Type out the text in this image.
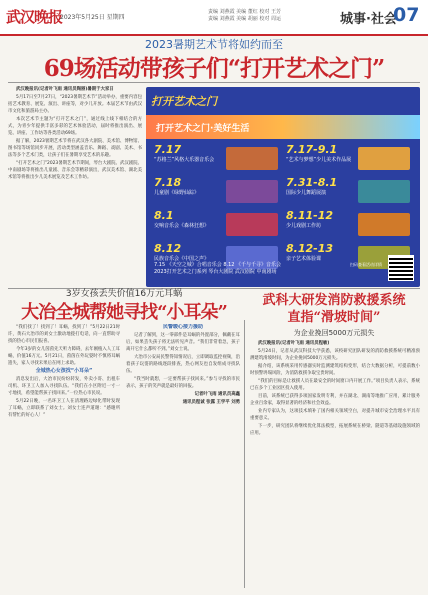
武汉晚报
2023年5月25日 星期四
责编 刘燕霞 美编 董红 校对 王芳
责编 刘燕霞 美编 胡丽 校对 周运	城事·社会
07
2023暑期艺术节将如约而至
69场活动带孩子们“打开艺术之门”

武汉晚报讯(记者叶飞雨 通讯员陶丽)暑期于大家日

5月17日至7月27日，“2023暑期艺术节”活动举办，重要内容包括艺术教育、展览、演出、讲座等，对少儿开放。本届艺术节由武汉市文化和旅游局主办。

本次艺术节主题为“打开艺术之门”，通过线上线下相结合的方式，为青少年提供丰富多彩的艺术体验活动，届时将推出演出、展览、讲座、工作坊等各类活动69场。

据了解，2023暑期艺术节将在武汉各大剧院、美术馆、博物馆、图书馆等场馆同步开展，活动类型涵盖音乐、舞蹈、戏剧、美术、书法等多个艺术门类，让孩子们在暑期享受艺术的乐趣。

“打开艺术之门”2023暑期艺术节期间，琴台大剧院、武汉剧院、中南剧场等将推出儿童剧、音乐会等精彩演出，武汉美术馆、湖北美术馆等将推出少儿美术展览及艺术工作坊。

打开艺术之门
打开艺术之门·美好生活
7.17
“苏格兰”风格大乐器音乐会
7.17-9.1
“艺术与梦想”少儿美术作品展
7.18
儿童剧《绿野仙踪》
7.31-8.1
国际少儿舞蹈展演
8.1
交响音乐会《森林狂想》
8.11-12
少儿戏剧工作坊
8.12
民族音乐会《中国之声》
8.12-13
亲子艺术体验课
7.15 《天空之城》合唱音乐会 8.12 《千与千寻》音乐会
2023打开艺术之门系列 琴台大剧院 武汉剧院 中南剧场
扫码查看活动详情
3岁女孩丢失价值16万元耳蜗
大冶全城帮她寻找“小耳朵”

“我们找了！找到了！耳蜗，找到了！”5月22日21时许，黄石大冶市的刘女士激动地拨打电话，向一直帮助寻找的热心市民们报喜。

今年3岁的女儿茵茵先天听力障碍，去年刚植入人工耳蜗，价值16万元。5月21日，茵茵在外玩耍时不慎将耳蜗遗失，家人寻找未果后在网上求助。

全城热心女孩找“小耳朵”

消息发出后，大冶市民纷纷转发，外卖小哥、出租车司机、环卫工人加入寻找队伍。“我们在小区附近一寸一寸地找，希望能帮孩子找回来。”一位热心市民说。

5月22日晚，一名环卫工人在清理路边绿化带时发现了耳蜗，立即联系了刘女士。刘女士连声道谢：“感谢所有帮忙的好心人！”

民警暖心接力援助

记者了解到，这一零部件是耳蜗的外置部分，佩戴在耳后，如果丢失孩子将无法听见声音。“我们非常着急，孩子离开它什么都听不到。”刘女士说。

大冶市公安局民警得知情况后，立即调取监控视频，沿着孩子玩耍的路线逐段排查，热心网友也自发组成寻找队伍。

“我当时就想，一定要帮孩子找回来。”参与寻找的市民表示，孩子的笑声就是最好的回报。

记者叶飞雨 通讯员高鑫

通讯员程诚 张露 王学平 刘勇

武科大研发消防救援系统
直指“滑坡时间”
为企业挽回5000万元损失

武汉晚报讯(记者叶飞雨 通讯员程敏)

5月24日，记者从武汉科技大学获悉，该校研究团队研发的消防救援系统可精准预测建筑滑坡时间，为企业挽回5000万元损失。

据介绍，该系统采用传感器实时监测建筑结构变形，结合大数据分析，可提前数小时预警坍塌风险，为消防救援争取宝贵时间。

“我们的目标是让救援人员在最安全的时间窗口内开展工作。”项目负责人表示，系统已在多个工业园区投入使用。

目前，该系统已获得多项国家发明专利，并在湖北、湖南等地推广应用，累计服务企业百余家，取得显著的经济和社会效益。

业内专家认为，这项技术填补了国内相关领域空白，对提升城市安全治理水平具有重要意义。

下一步，研究团队将继续优化算法模型，拓展系统在桥梁、隧道等基础设施领域的应用。
